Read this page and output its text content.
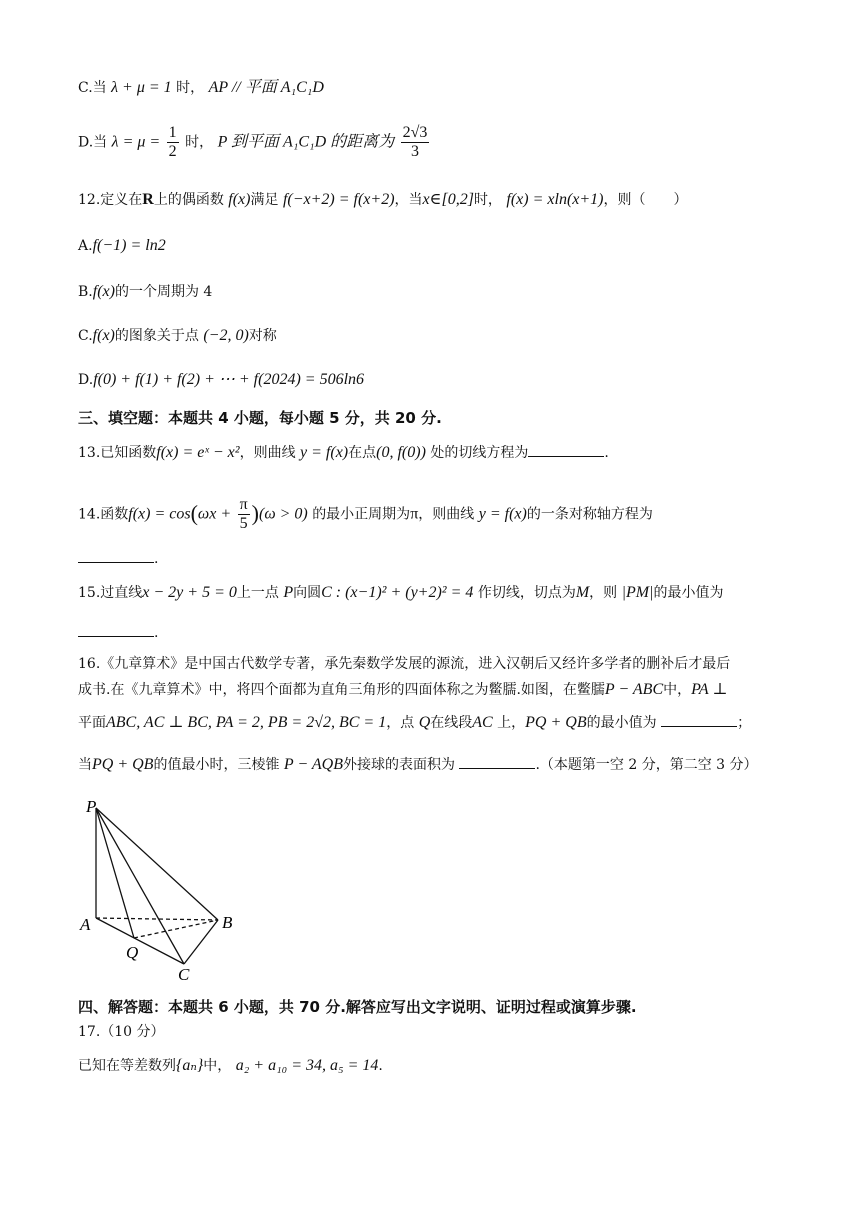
C.当 λ + μ = 1 时， AP // 平面 A₁C₁D
D.当 $\lambda = \mu = \frac{1}{2}$ 时， P 到平面 A₁C₁D 的距离为 $\frac{2√3}{3}$
12.定义在R上的偶函数 f(x)满足 f(−x+2) = f(x+2)，当x∈[0,2]时， f(x) = xln(x+1)，则（　　）
A.f(−1) = ln2
B.f(x)的一个周期为 4
C.f(x)的图象关于点 (−2, 0)对称
D.f(0) + f(1) + f(2) + ⋯ + f(2024) = 506ln6
三、填空题：本题共 4 小题，每小题 5 分，共 20 分.
13.已知函数f(x) = eˣ − x²，则曲线 y = f(x)在点(0, f(0)) 处的切线方程为	.
14.函数$f(x) = \cos(\omega x + \frac{\pi}{5} )(\omega > 0)$ 的最小正周期为π，则曲线 y = f(x)的一条对称轴方程为
.
15.过直线x − 2y + 5 = 0上一点 P向圆C : (x−1)² + (y+2)² = 4 作切线，切点为M，则 |PM|的最小值为
.
16.《九章算术》是中国古代数学专著，承先秦数学发展的源流，进入汉朝后又经许多学者的删补后才最后
成书.在《九章算术》中，将四个面都为直角三角形的四面体称之为鳖臑.如图，在鳖臑P − ABC中，PA ⊥
平面ABC, AC ⊥ BC, PA = 2, PB = 2√2, BC = 1，点 Q在线段AC 上，PQ + QB的最小值为	；
当PQ + QB的值最小时，三棱锥 P − AQB外接球的表面积为	.（本题第一空 2 分，第二空 3 分）
P
A	B
Q
C
四、解答题：本题共 6 小题，共 70 分.解答应写出文字说明、证明过程或演算步骤.
17.（10 分）
已知在等差数列{aₙ}中， a₂ + a₁₀ = 34, a₅ = 14.
